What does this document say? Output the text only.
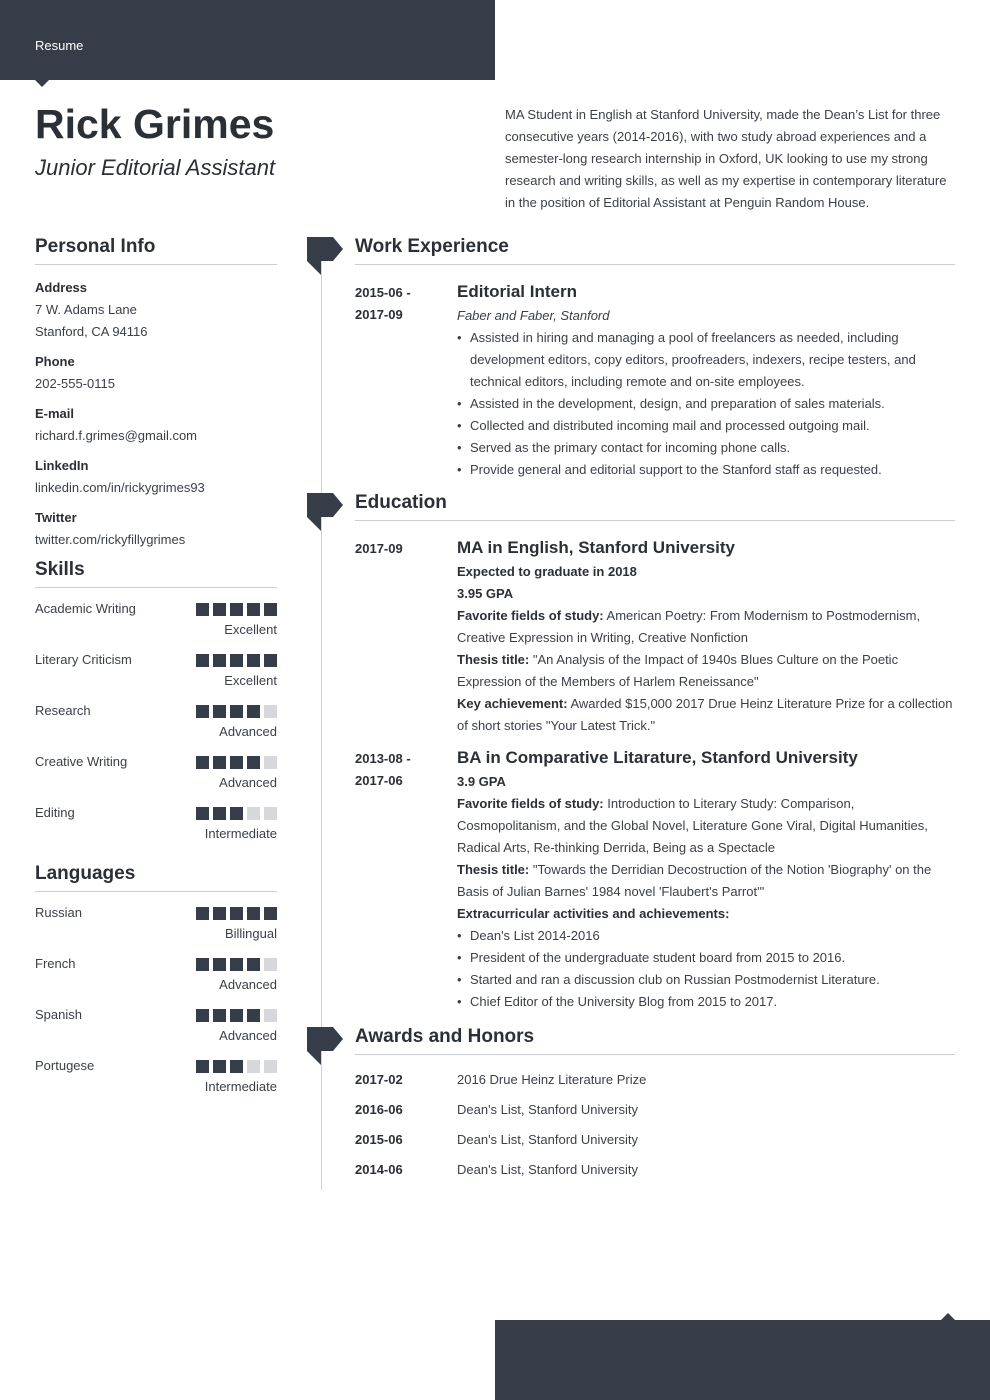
Resume
Rick Grimes
Junior Editorial Assistant

MA Student in English at Stanford University, made the Dean’s List for three consecutive years (2014-2016), with two study abroad experiences and a semester-long research internship in Oxford, UK looking to use my strong research and writing skills, as well as my expertise in contemporary literature in the position of Editorial Assistant at Penguin Random House.

Personal Info
Address
7 W. Adams Lane
Stanford, CA 94116
Phone
202-555-0115
E-mail
richard.f.grimes@gmail.com
LinkedIn
linkedin.com/in/rickygrimes93
Twitter
twitter.com/rickyfillygrimes
Skills
Academic Writing
Excellent
Literary Criticism
Excellent
Research
Advanced
Creative Writing
Advanced
Editing
Intermediate
Languages
Russian
Billingual
French
Advanced
Spanish
Advanced
Portugese
Intermediate
Work Experience
2015-06 -
2017-09
Editorial Intern
Faber and Faber, Stanford
• Assisted in hiring and managing a pool of freelancers as needed, including development editors, copy editors, proofreaders, indexers, recipe testers, and technical editors, including remote and on-site employees.
• Assisted in the development, design, and preparation of sales materials.
• Collected and distributed incoming mail and processed outgoing mail.
• Served as the primary contact for incoming phone calls.
• Provide general and editorial support to the Stanford staff as requested.
Education
2017-09	MA in English, Stanford University

Expected to graduate in 2018

3.95 GPA

Favorite fields of study: American Poetry: From Modernism to Postmodernism, Creative Expression in Writing, Creative Nonfiction

Thesis title: "An Analysis of the Impact of 1940s Blues Culture on the Poetic Expression of the Members of Harlem Reneissance"

Key achievement: Awarded $15,000 2017 Drue Heinz Literature Prize for a collection of short stories "Your Latest Trick."

2013-08 -
2017-06
BA in Comparative Litarature, Stanford University

3.9 GPA

Favorite fields of study: Introduction to Literary Study: Comparison, Cosmopolitanism, and the Global Novel, Literature Gone Viral, Digital Humanities, Radical Arts, Re-thinking Derrida, Being as a Spectacle

Thesis title: "Towards the Derridian Decostruction of the Notion 'Biography' on the Basis of Julian Barnes' 1984 novel 'Flaubert's Parrot'"

Extracurricular activities and achievements:

• Dean's List 2014-2016
• President of the undergraduate student board from 2015 to 2016.
• Started and ran a discussion club on Russian Postmodernist Literature.
• Chief Editor of the University Blog from 2015 to 2017.
Awards and Honors
2017-02	2016 Drue Heinz Literature Prize
2016-06	Dean's List, Stanford University
2015-06	Dean's List, Stanford University
2014-06	Dean's List, Stanford University
